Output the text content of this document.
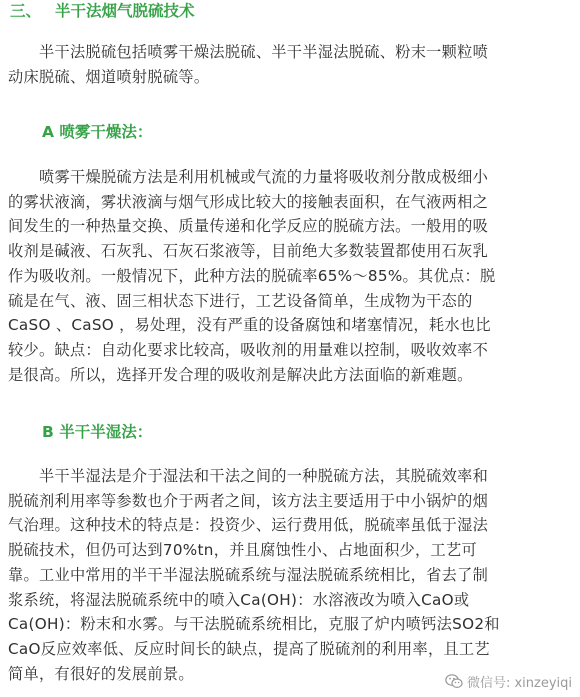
三、 半干法烟气脱硫技术

半干法脱硫包括喷雾干燥法脱硫、半干半湿法脱硫、粉末一颗粒喷
动床脱硫、烟道喷射脱硫等。

A 喷雾干燥法：

喷雾干燥脱硫方法是利用机械或气流的力量将吸收剂分散成极细小
的雾状液滴，雾状液滴与烟气形成比较大的接触表面积，在气液两相之
间发生的一种热量交换、质量传递和化学反应的脱硫方法。一般用的吸
收剂是碱液、石灰乳、石灰石浆液等，目前绝大多数装置都使用石灰乳
作为吸收剂。一般情况下，此种方法的脱硫率65%～85%。其优点：脱
硫是在气、液、固三相状态下进行，工艺设备简单，生成物为干态的
CaSO 、CaSO ，易处理，没有严重的设备腐蚀和堵塞情况，耗水也比
较少。缺点：自动化要求比较高，吸收剂的用量难以控制，吸收效率不
是很高。所以，选择开发合理的吸收剂是解决此方法面临的新难题。

B 半干半湿法：

半干半湿法是介于湿法和干法之间的一种脱硫方法，其脱硫效率和
脱硫剂利用率等参数也介于两者之间，该方法主要适用于中小锅炉的烟
气治理。这种技术的特点是：投资少、运行费用低，脱硫率虽低于湿法
脱硫技术，但仍可达到70%tn，并且腐蚀性小、占地面积少，工艺可
靠。工业中常用的半干半湿法脱硫系统与湿法脱硫系统相比，省去了制
浆系统，将湿法脱硫系统中的喷入Ca(OH)：水溶液改为喷入CaO或
Ca(OH)：粉末和水雾。与干法脱硫系统相比，克服了炉内喷钙法SO2和
CaO反应效率低、反应时间长的缺点，提高了脱硫剂的利用率，且工艺
简单，有很好的发展前景。

微信号: xinzeyiqi
